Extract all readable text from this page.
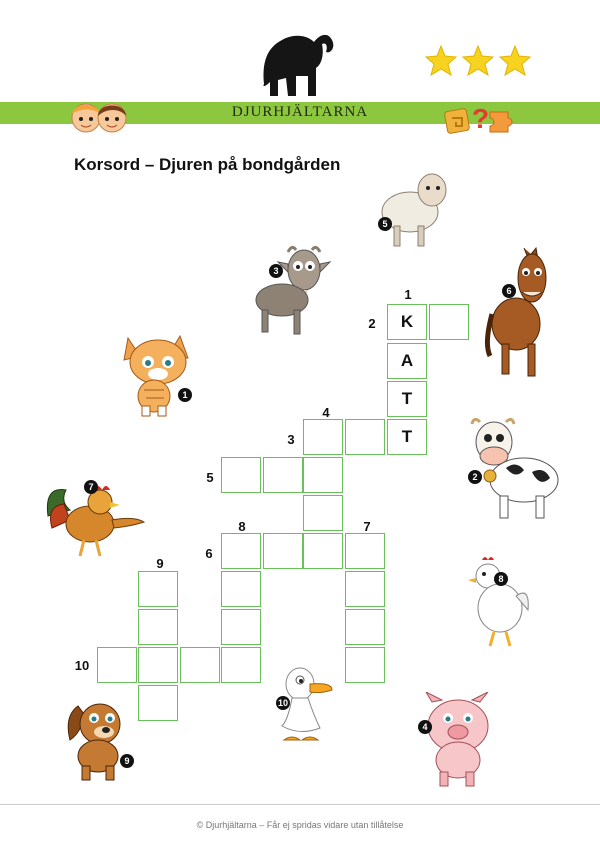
DJURHJÄLTARNA	?
Korsord – Djuren på bondgården
K
A
T
T
1
2
3
4
5
6
7
8
9
10
1
2
3
4
5
6
7
8
9
10
© Djurhjältarna – Får ej spridas vidare utan tillåtelse
